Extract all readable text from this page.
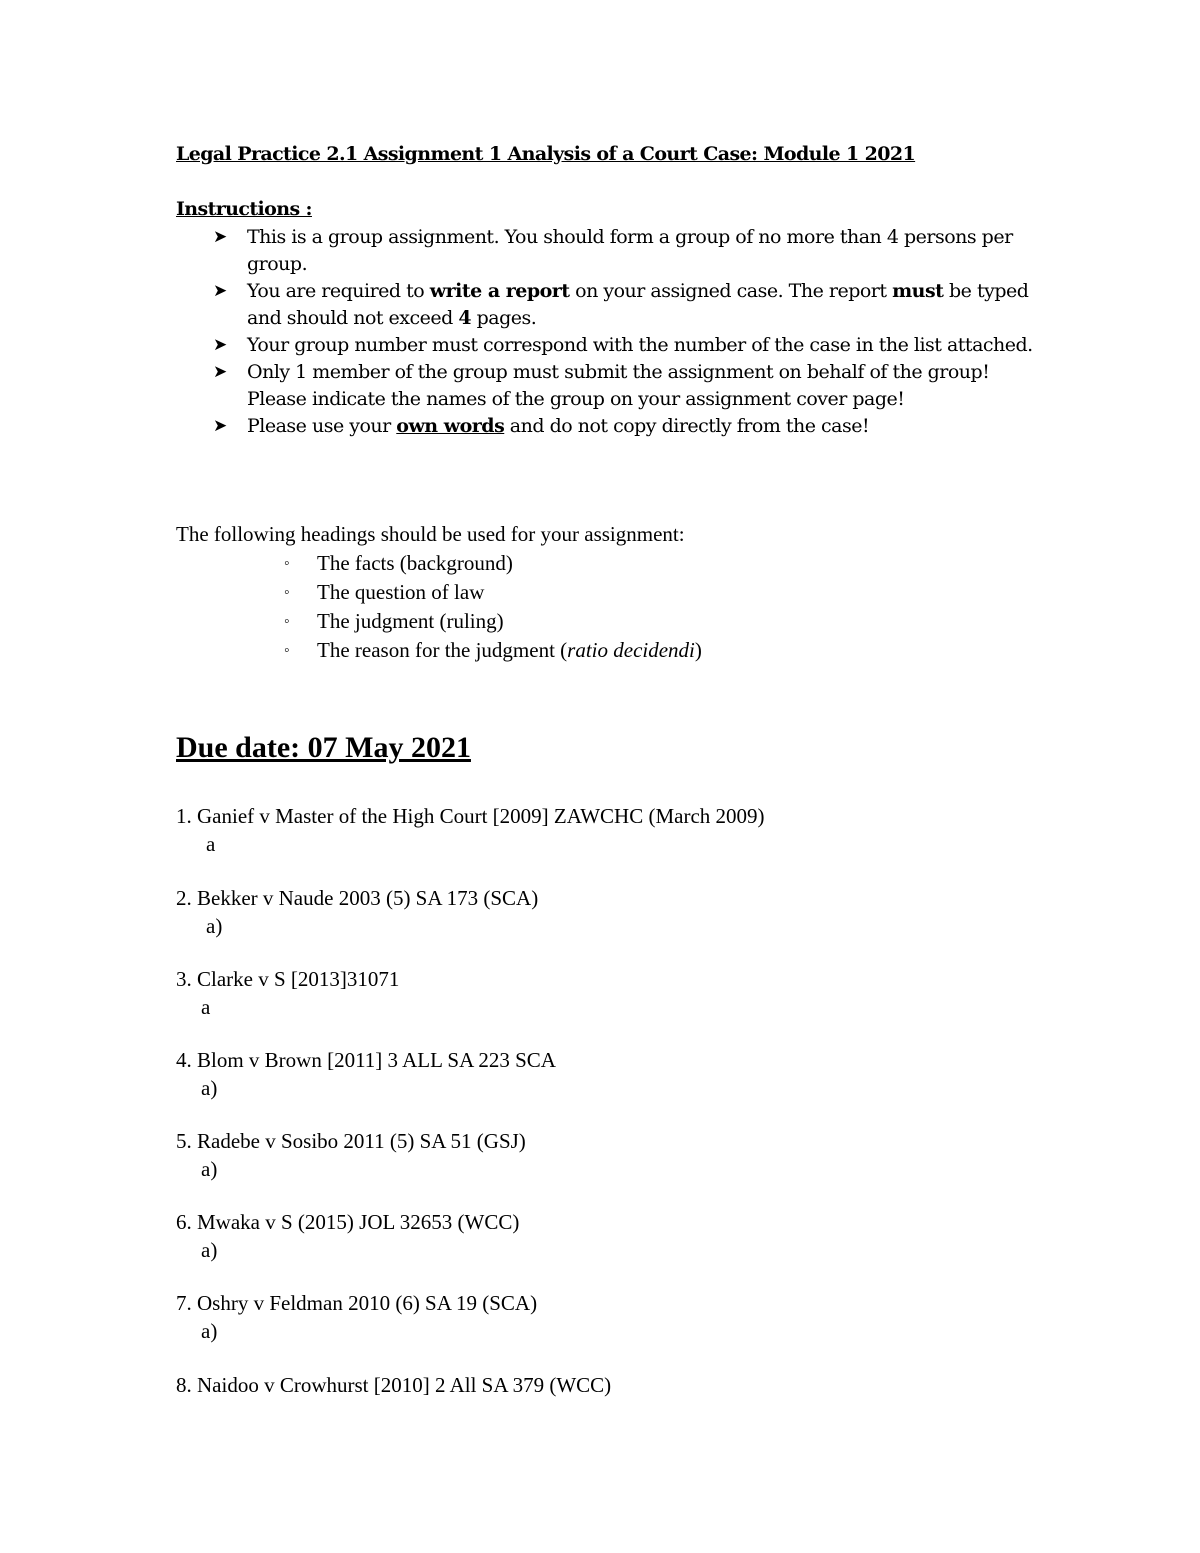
Legal Practice 2.1 Assignment 1 Analysis of a Court Case: Module 1 2021
Instructions :
➤ This is a group assignment. You should form a group of no more than 4 persons per group.
➤ You are required to write a report on your assigned case. The report must be typed and should not exceed 4 pages.
➤ Your group number must correspond with the number of the case in the list attached.
➤ Only 1 member of the group must submit the assignment on behalf of the group! Please indicate the names of the group on your assignment cover page!
➤ Please use your own words and do not copy directly from the case!
The following headings should be used for your assignment:
◦ The facts (background)
◦ The question of law
◦ The judgment (ruling)
◦ The reason for the judgment (ratio decidendi)
Due date: 07 May 2021
1. Ganief v Master of the High Court [2009] ZAWCHC (March 2009)
a
2. Bekker v Naude 2003 (5) SA 173 (SCA)
a)
3. Clarke v S [2013]31071
a
4. Blom v Brown [2011] 3 ALL SA 223 SCA
a)
5. Radebe v Sosibo 2011 (5) SA 51 (GSJ)
a)
6. Mwaka v S (2015) JOL 32653 (WCC)
a)
7. Oshry v Feldman 2010 (6) SA 19 (SCA)
a)
8. Naidoo v Crowhurst [2010] 2 All SA 379 (WCC)
